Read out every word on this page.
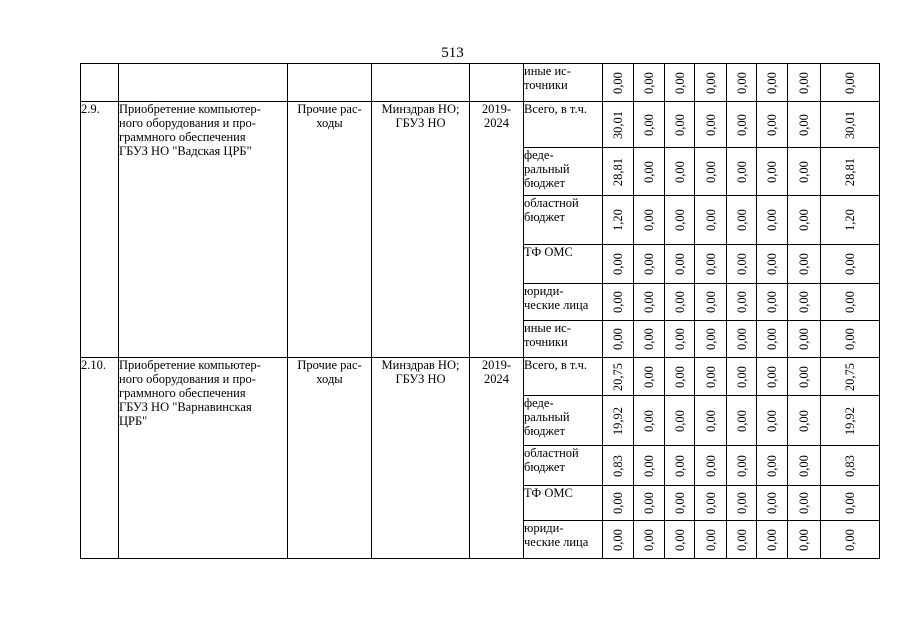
513
					иные ис-
точники	0,00	0,00	0,00	0,00	0,00	0,00	0,00	0,00

2.9.	Приобретение компьютер-
ного оборудования и про-
граммного обеспечения
ГБУЗ НО "Вадская ЦРБ"	Прочие рас-
ходы	Минздрав НО;
ГБУЗ НО	2019-
2024	Всего, в т.ч.	30,01	0,00	0,00	0,00	0,00	0,00	0,00	30,01

					феде-
ральный
бюджет	28,81	0,00	0,00	0,00	0,00	0,00	0,00	28,81

					областной
бюджет	1,20	0,00	0,00	0,00	0,00	0,00	0,00	1,20

					ТФ ОМС	0,00	0,00	0,00	0,00	0,00	0,00	0,00	0,00

					юриди-
ческие лица	0,00	0,00	0,00	0,00	0,00	0,00	0,00	0,00

					иные ис-
точники	0,00	0,00	0,00	0,00	0,00	0,00	0,00	0,00

2.10.	Приобретение компьютер-
ного оборудования и про-
граммного обеспечения
ГБУЗ НО "Варнавинская
ЦРБ"	Прочие рас-
ходы	Минздрав НО;
ГБУЗ НО	2019-
2024	Всего, в т.ч.	20,75	0,00	0,00	0,00	0,00	0,00	0,00	20,75

					феде-
ральный
бюджет	19,92	0,00	0,00	0,00	0,00	0,00	0,00	19,92

					областной
бюджет	0,83	0,00	0,00	0,00	0,00	0,00	0,00	0,83

					ТФ ОМС	0,00	0,00	0,00	0,00	0,00	0,00	0,00	0,00

					юриди-
ческие лица	0,00	0,00	0,00	0,00	0,00	0,00	0,00	0,00
